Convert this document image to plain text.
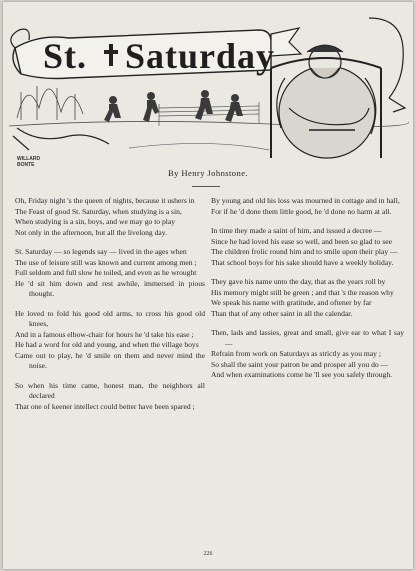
St. Saturday
WILLARD
BONTE
By Henry Johnstone.
Oh, Friday night 's the queen of nights, because it ushers in
The Feast of good St. Saturday, when studying is a sin,
When studying is a sin, boys, and we may go to play
Not only in the afternoon, but all the livelong day.
St. Saturday — so legends say — lived in the ages when
The use of leisure still was known and current among men ;
Full seldom and full slow he toiled, and even as he wrought
He 'd sit him down and rest awhile, immersed in pious thought.
He loved to fold his good old arms, to cross his good old knees,
And in a famous elbow-chair for hours he 'd take his ease ;
He had a word for old and young, and when the village boys
Came out to play, he 'd smile on them and never mind the noise.
So when his time came, honest man, the neighbors all declared
That one of keener intellect could better have been spared ;
By young and old his loss was mourned in cottage and in hall,
For if he 'd done them little good, he 'd done no harm at all.
In time they made a saint of him, and issued a decree —
Since he had loved his ease so well, and been so glad to see
The children frolic round him and to smile upon their play —
That school boys for his sake should have a weekly holiday.
They gave his name unto the day, that as the years roll by
His memory might still be green ; and that 's the reason why
We speak his name with gratitude, and oftener by far
Than that of any other saint in all the calendar.
Then, lads and lassies, great and small, give ear to what I say —
Refrain from work on Saturdays as strictly as you may ;
So shall the saint your patron be and prosper all you do —
And when examinations come he 'll see you safely through.
226
